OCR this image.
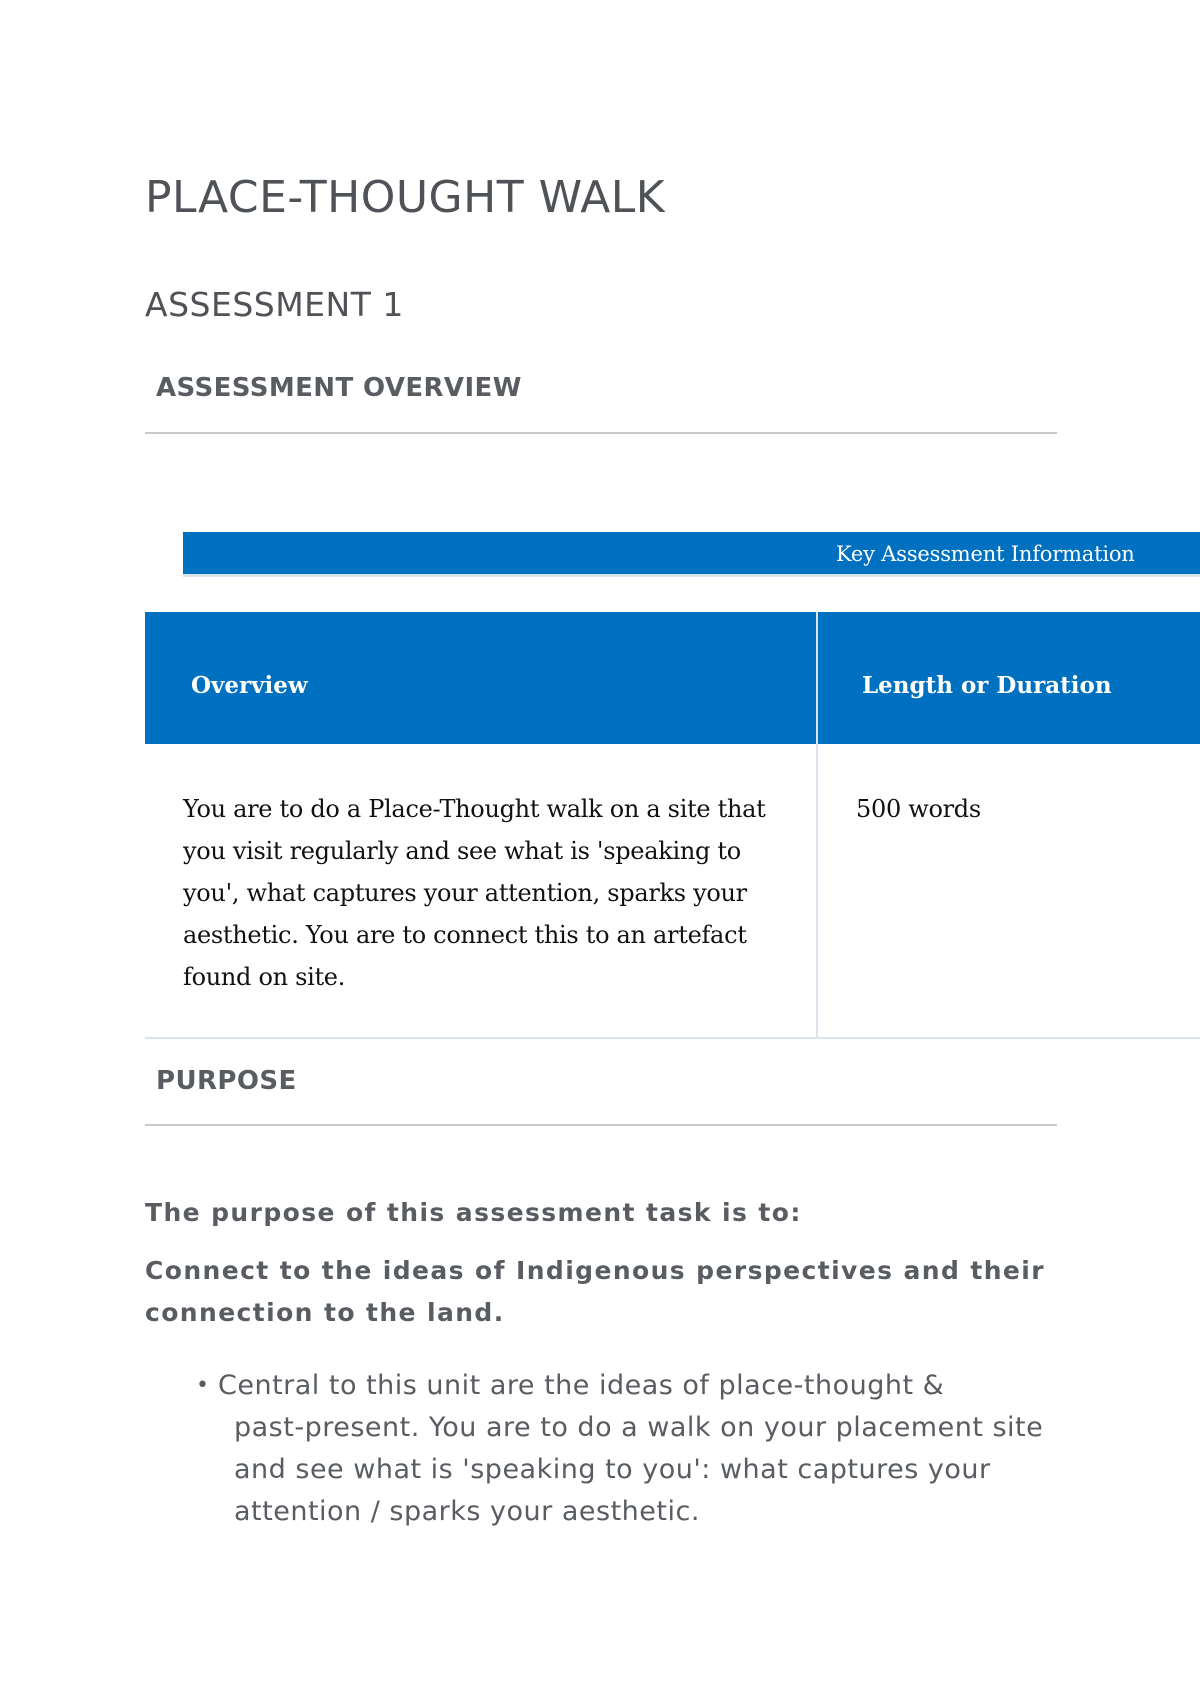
PLACE-THOUGHT WALK
ASSESSMENT 1
ASSESSMENT OVERVIEW
Key Assessment Information
Overview	Length or Duration
You are to do a Place-Thought walk on a site that you visit regularly and see what is 'speaking to you', what captures your attention, sparks your aesthetic. You are to connect this to an artefact found on site.
500 words
PURPOSE
The purpose of this assessment task is to:
Connect to the ideas of Indigenous perspectives and their connection to the land.
• Central to this unit are the ideas of place-thought &
past-present. You are to do a walk on your placement site and see what is 'speaking to you': what captures your attention / sparks your aesthetic.
